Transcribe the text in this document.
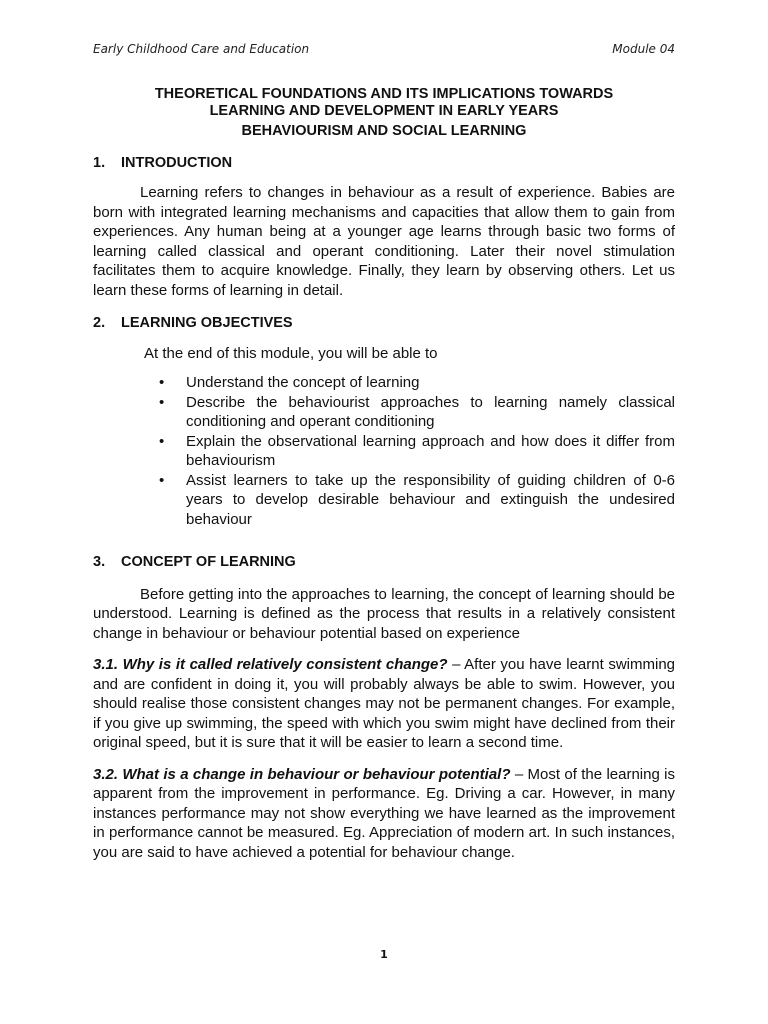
Early Childhood Care and Education	Module 04
THEORETICAL FOUNDATIONS AND ITS IMPLICATIONS TOWARDS
LEARNING AND DEVELOPMENT IN EARLY YEARS
BEHAVIOURISM AND SOCIAL LEARNING
1.	INTRODUCTION

Learning refers to changes in behaviour as a result of experience. Babies are born with integrated learning mechanisms and capacities that allow them to gain from experiences. Any human being at a younger age learns through basic two forms of learning called classical and operant conditioning. Later their novel stimulation facilitates them to acquire knowledge. Finally, they learn by observing others. Let us learn these forms of learning in detail.

2.	LEARNING OBJECTIVES

At the end of this module, you will be able to

• Understand the concept of learning
• Describe the behaviourist approaches to learning namely classical conditioning and operant conditioning
• Explain the observational learning approach and how does it differ from behaviourism
• Assist learners to take up the responsibility of guiding children of 0-6 years to develop desirable behaviour and extinguish the undesired behaviour
3.	CONCEPT OF LEARNING

Before getting into the approaches to learning, the concept of learning should be understood. Learning is defined as the process that results in a relatively consistent change in behaviour or behaviour potential based on experience

3.1. Why is it called relatively consistent change? – After you have learnt swimming and are confident in doing it, you will probably always be able to swim. However, you should realise those consistent changes may not be permanent changes. For example, if you give up swimming, the speed with which you swim might have declined from their original speed, but it is sure that it will be easier to learn a second time.

3.2. What is a change in behaviour or behaviour potential? – Most of the learning is apparent from the improvement in performance. Eg. Driving a car. However, in many instances performance may not show everything we have learned as the improvement in performance cannot be measured. Eg. Appreciation of modern art. In such instances, you are said to have achieved a potential for behaviour change.

1
